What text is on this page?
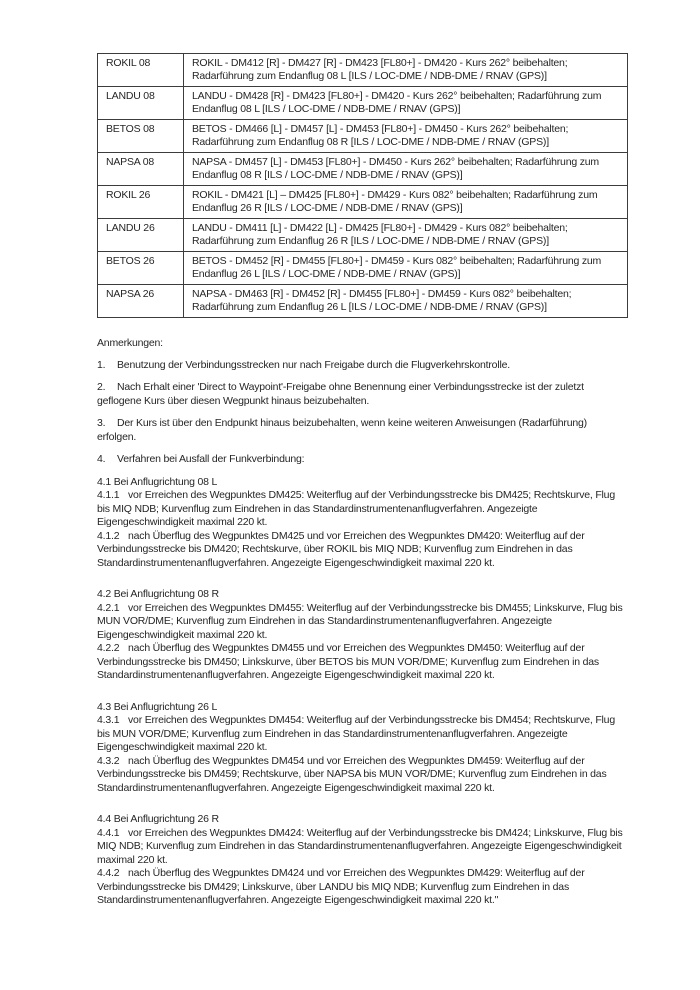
ROKIL 08	ROKIL - DM412 [R] - DM427 [R] - DM423 [FL80+] - DM420 - Kurs 262° beibehalten; Radarführung zum Endanflug 08 L [ILS / LOC-DME / NDB-DME / RNAV (GPS)]
LANDU 08	LANDU - DM428 [R] - DM423 [FL80+] - DM420 - Kurs 262° beibehalten; Radarführung zum Endanflug 08 L [ILS / LOC-DME / NDB-DME / RNAV (GPS)]
BETOS 08	BETOS - DM466 [L] - DM457 [L] - DM453 [FL80+] - DM450 - Kurs 262° beibehalten; Radarführung zum Endanflug 08 R [ILS / LOC-DME / NDB-DME / RNAV (GPS)]
NAPSA 08	NAPSA - DM457 [L] - DM453 [FL80+] - DM450 - Kurs 262° beibehalten; Radarführung zum Endanflug 08 R [ILS / LOC-DME / NDB-DME / RNAV (GPS)]
ROKIL 26	ROKIL - DM421 [L] – DM425 [FL80+] - DM429 - Kurs 082° beibehalten; Radarführung zum Endanflug 26 R [ILS / LOC-DME / NDB-DME / RNAV (GPS)]
LANDU 26	LANDU - DM411 [L] - DM422 [L] - DM425 [FL80+] - DM429 - Kurs 082° beibehalten; Radarführung zum Endanflug 26 R [ILS / LOC-DME / NDB-DME / RNAV (GPS)]
BETOS 26	BETOS - DM452 [R] - DM455 [FL80+] - DM459 - Kurs 082° beibehalten; Radarführung zum Endanflug 26 L [ILS / LOC-DME / NDB-DME / RNAV (GPS)]
NAPSA 26	NAPSA - DM463 [R] - DM452 [R] - DM455 [FL80+] - DM459 - Kurs 082° beibehalten; Radarführung zum Endanflug 26 L [ILS / LOC-DME / NDB-DME / RNAV (GPS)]

Anmerkungen:

1. Benutzung der Verbindungsstrecken nur nach Freigabe durch die Flugverkehrskontrolle.

2. Nach Erhalt einer 'Direct to Waypoint'-Freigabe ohne Benennung einer Verbindungsstrecke ist der zuletzt geflogene Kurs über diesen Wegpunkt hinaus beizubehalten.

3. Der Kurs ist über den Endpunkt hinaus beizubehalten, wenn keine weiteren Anweisungen (Radarführung) erfolgen.

4. Verfahren bei Ausfall der Funkverbindung:

4.1 Bei Anflugrichtung 08 L

4.1.1 vor Erreichen des Wegpunktes DM425: Weiterflug auf der Verbindungsstrecke bis DM425; Rechtskurve, Flug bis MIQ NDB; Kurvenflug zum Eindrehen in das Standardinstrumentenanflugverfahren. Angezeigte Eigengeschwindigkeit maximal 220 kt.

4.1.2 nach Überflug des Wegpunktes DM425 und vor Erreichen des Wegpunktes DM420: Weiterflug auf der Verbindungsstrecke bis DM420; Rechtskurve, über ROKIL bis MIQ NDB; Kurvenflug zum Eindrehen in das Standardinstrumentenanflugverfahren. Angezeigte Eigengeschwindigkeit maximal 220 kt.

4.2 Bei Anflugrichtung 08 R

4.2.1 vor Erreichen des Wegpunktes DM455: Weiterflug auf der Verbindungsstrecke bis DM455; Linkskurve, Flug bis MUN VOR/DME; Kurvenflug zum Eindrehen in das Standardinstrumentenanflugverfahren. Angezeigte Eigengeschwindigkeit maximal 220 kt.

4.2.2 nach Überflug des Wegpunktes DM455 und vor Erreichen des Wegpunktes DM450: Weiterflug auf der Verbindungsstrecke bis DM450; Linkskurve, über BETOS bis MUN VOR/DME; Kurvenflug zum Eindrehen in das Standardinstrumentenanflugverfahren. Angezeigte Eigengeschwindigkeit maximal 220 kt.

4.3 Bei Anflugrichtung 26 L

4.3.1 vor Erreichen des Wegpunktes DM454: Weiterflug auf der Verbindungsstrecke bis DM454; Rechtskurve, Flug bis MUN VOR/DME; Kurvenflug zum Eindrehen in das Standardinstrumentenanflugverfahren. Angezeigte Eigengeschwindigkeit maximal 220 kt.

4.3.2 nach Überflug des Wegpunktes DM454 und vor Erreichen des Wegpunktes DM459: Weiterflug auf der Verbindungsstrecke bis DM459; Rechtskurve, über NAPSA bis MUN VOR/DME; Kurvenflug zum Eindrehen in das Standardinstrumentenanflugverfahren. Angezeigte Eigengeschwindigkeit maximal 220 kt.

4.4 Bei Anflugrichtung 26 R

4.4.1 vor Erreichen des Wegpunktes DM424: Weiterflug auf der Verbindungsstrecke bis DM424; Linkskurve, Flug bis MIQ NDB; Kurvenflug zum Eindrehen in das Standardinstrumentenanflugverfahren. Angezeigte Eigengeschwindigkeit maximal 220 kt.

4.4.2 nach Überflug des Wegpunktes DM424 und vor Erreichen des Wegpunktes DM429: Weiterflug auf der Verbindungsstrecke bis DM429; Linkskurve, über LANDU bis MIQ NDB; Kurvenflug zum Eindrehen in das Standardinstrumentenanflugverfahren. Angezeigte Eigengeschwindigkeit maximal 220 kt."
